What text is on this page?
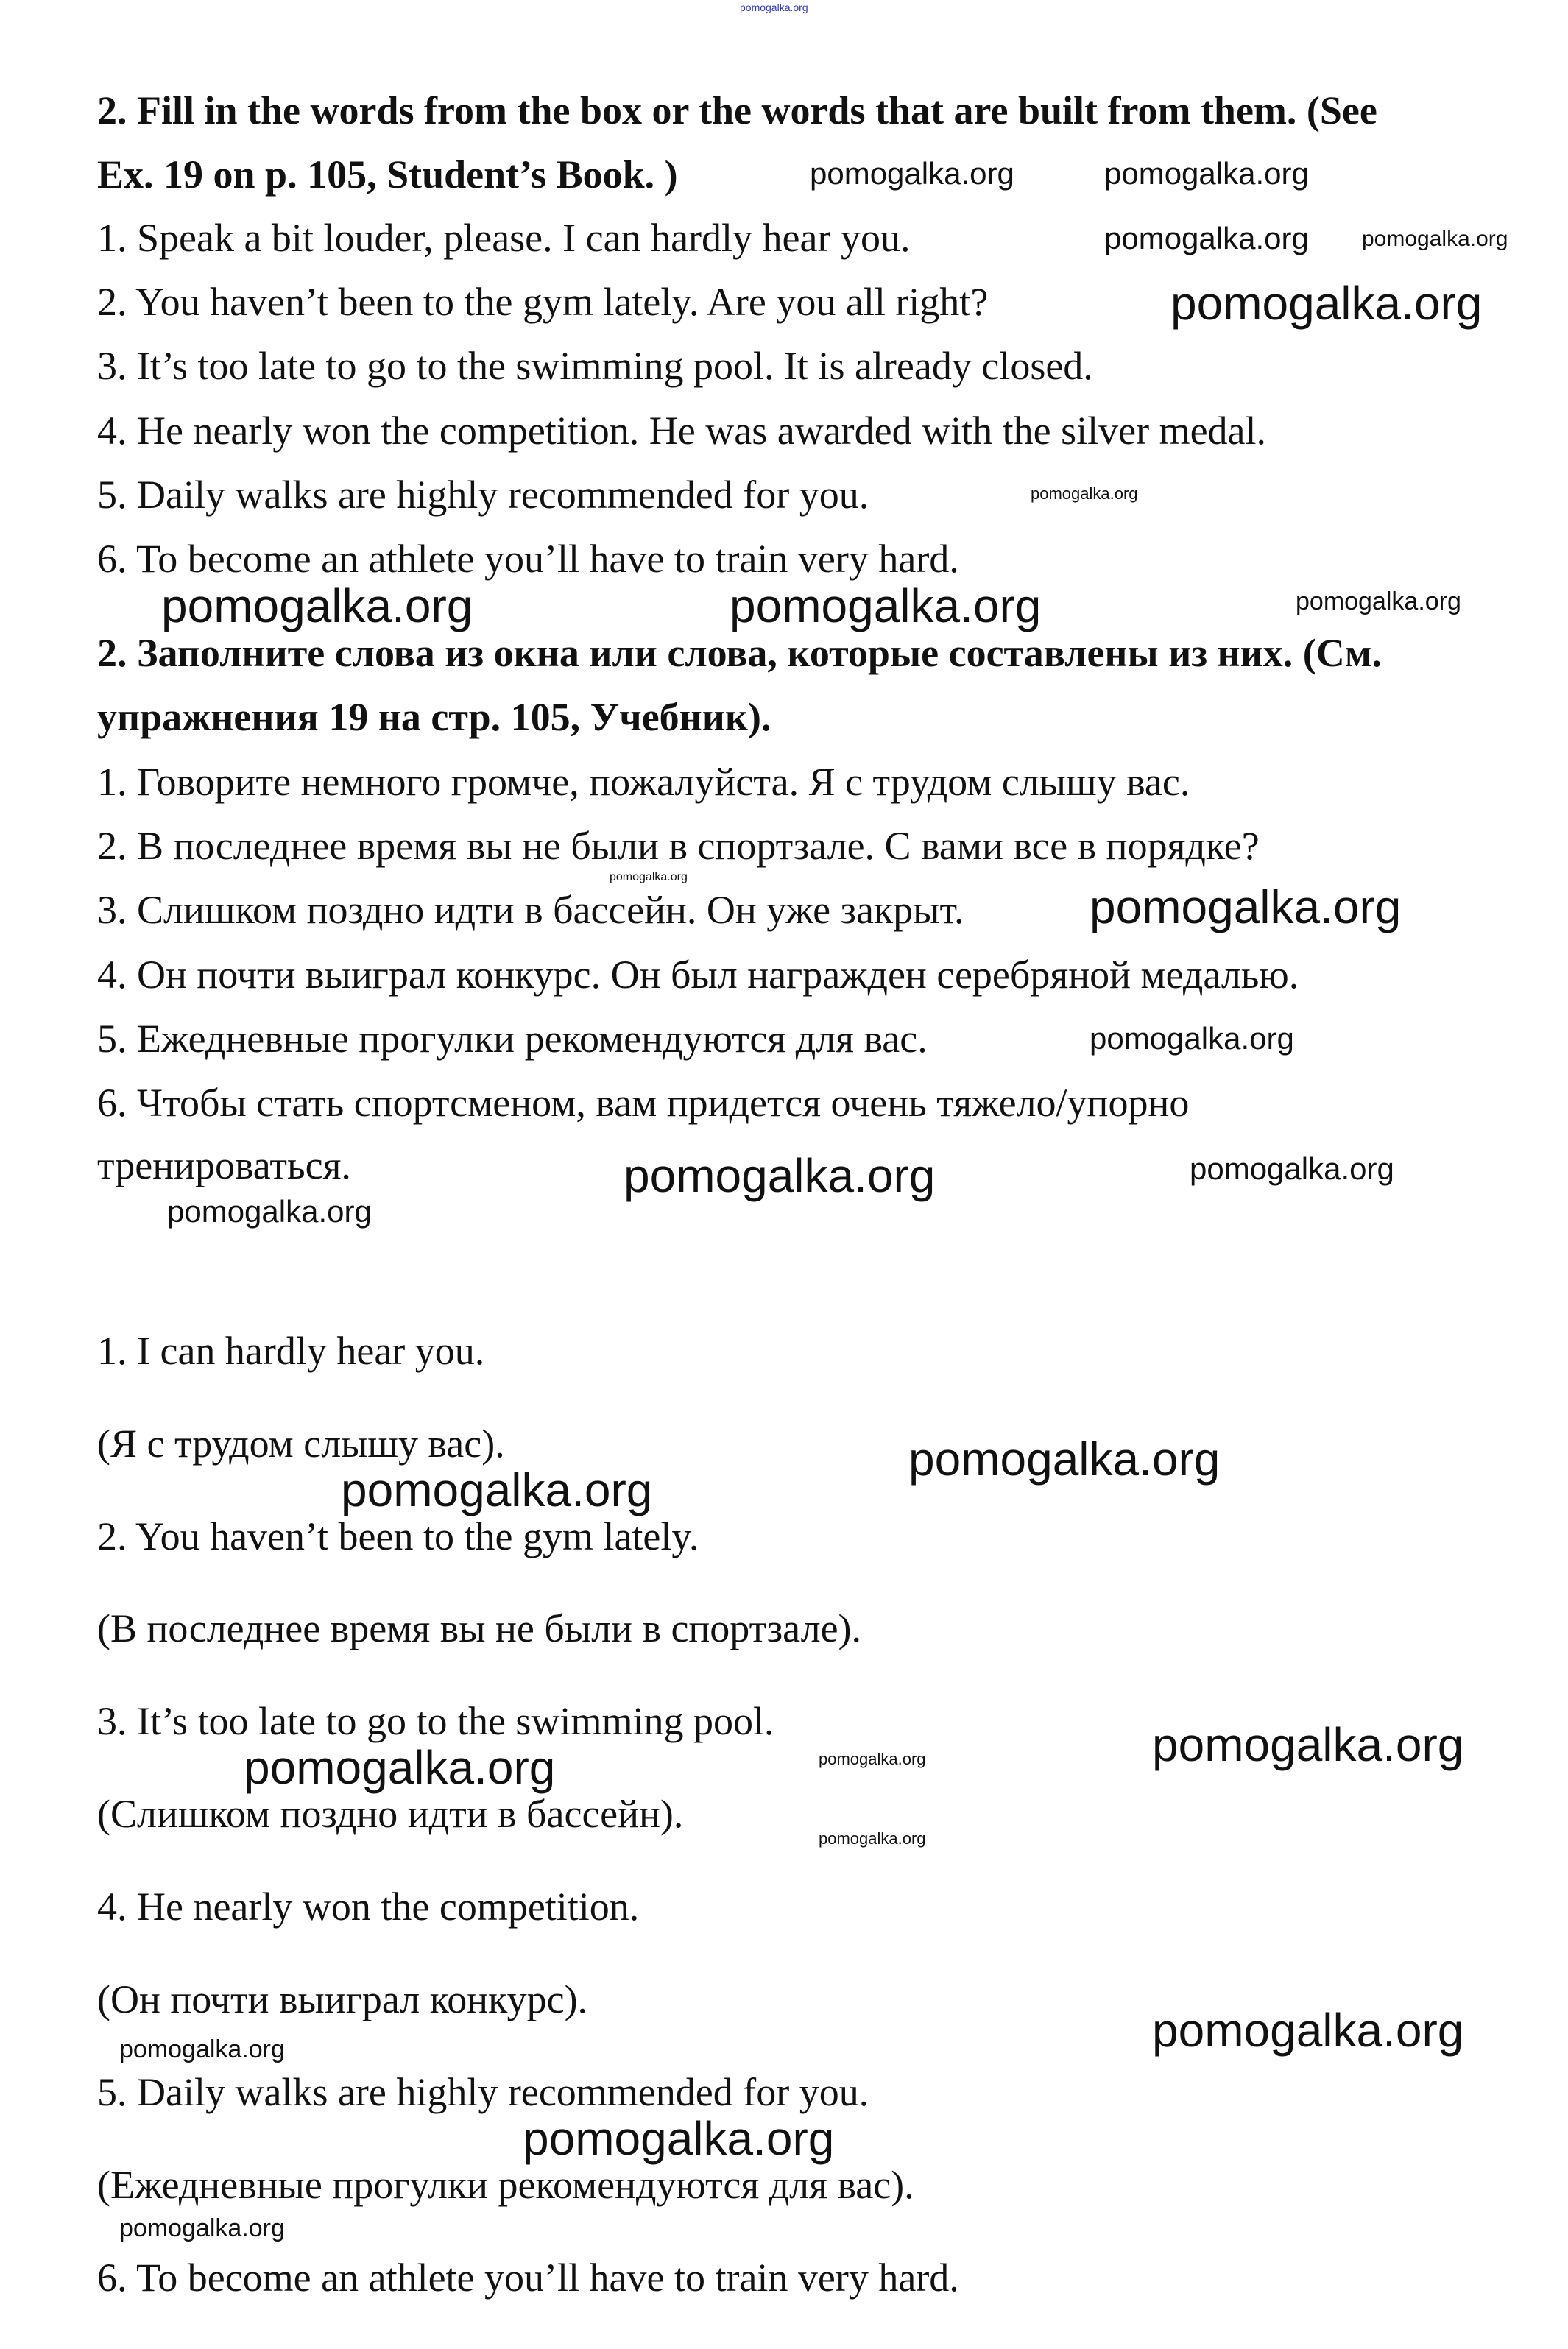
2. Fill in the words from the box or the words that are built from them. (See
Ex. 19 on p. 105, Student’s Book. )
1. Speak a bit louder, please. I can hardly hear you.
2. You haven’t been to the gym lately. Are you all right?
3. It’s too late to go to the swimming pool. It is already closed.
4. He nearly won the competition. He was awarded with the silver medal.
5. Daily walks are highly recommended for you.
6. To become an athlete you’ll have to train very hard.
2. Заполните слова из окна или слова, которые составлены из них. (См.
упражнения 19 на стр. 105, Учебник).
1. Говорите немного громче, пожалуйста. Я с трудом слышу вас.
2. В последнее время вы не были в спортзале. С вами все в порядке?
3. Слишком поздно идти в бассейн. Он уже закрыт.
4. Он почти выиграл конкурс. Он был награжден серебряной медалью.
5. Ежедневные прогулки рекомендуются для вас.
6. Чтобы стать спортсменом, вам придется очень тяжело/упорно
тренироваться.
1. I can hardly hear you.
(Я с трудом слышу вас).
2. You haven’t been to the gym lately.
(В последнее время вы не были в спортзале).
3. It’s too late to go to the swimming pool.
(Слишком поздно идти в бассейн).
4. He nearly won the competition.
(Он почти выиграл конкурс).
5. Daily walks are highly recommended for you.
(Ежедневные прогулки рекомендуются для вас).
6. To become an athlete you’ll have to train very hard.
pomogalka.org
pomogalka.org	pomogalka.org
pomogalka.org pomogalka.org
pomogalka.org
pomogalka.org
pomogalka.org	pomogalka.org	pomogalka.org
pomogalka.org
pomogalka.org
pomogalka.org
pomogalka.org	pomogalka.org
pomogalka.org
pomogalka.org
pomogalka.org
pomogalka.org
pomogalka.org	pomogalka.org
pomogalka.org
pomogalka.org
pomogalka.org
pomogalka.org
pomogalka.org
